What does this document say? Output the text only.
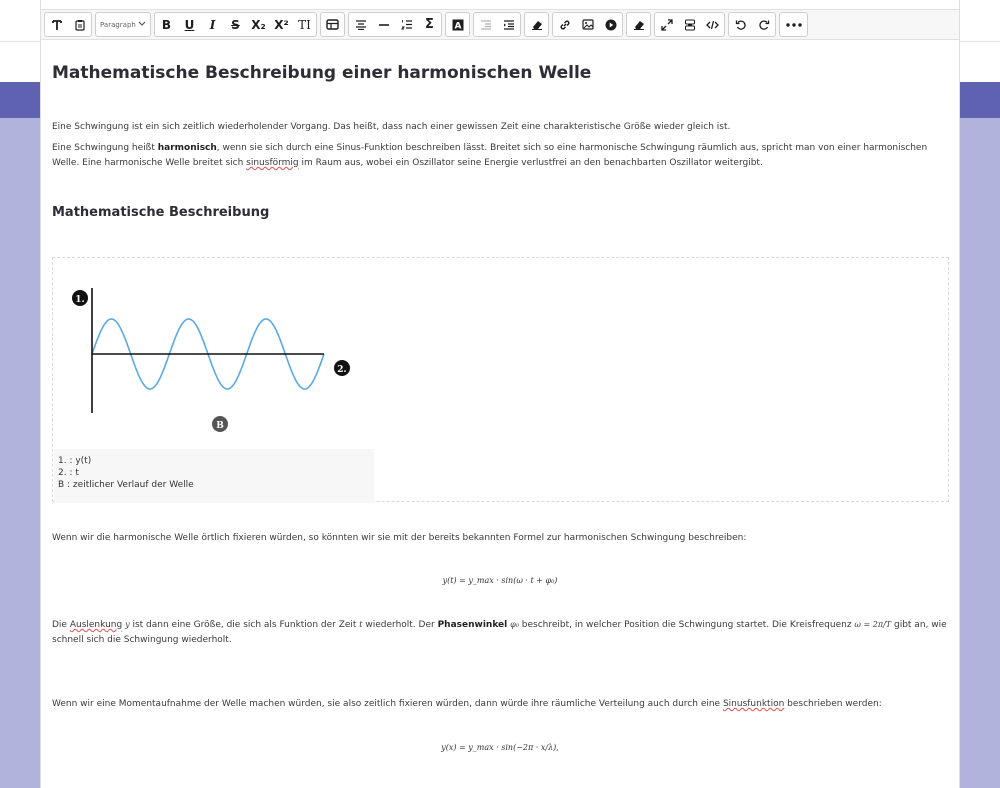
Paragraph	B	U	I	S X₂ X² TI	Σ	A
Mathematische Beschreibung einer harmonischen Welle

Eine Schwingung ist ein sich zeitlich wiederholender Vorgang. Das heißt, dass nach einer gewissen Zeit eine charakteristische Größe wieder gleich ist.

Eine Schwingung heißt harmonisch, wenn sie sich durch eine Sinus-Funktion beschreiben lässt. Breitet sich so eine harmonische Schwingung räumlich aus, spricht man von einer harmonischen Welle. Eine harmonische Welle breitet sich sinusförmig im Raum aus, wobei ein Oszillator seine Energie verlustfrei an den benachbarten Oszillator weitergibt.

Mathematische Beschreibung
1.
2.
B
1. : y(t)
2. : t
B : zeitlicher Verlauf der Welle

Wenn wir die harmonische Welle örtlich fixieren würden, so könnten wir sie mit der bereits bekannten Formel zur harmonischen Schwingung beschreiben:

y(t) = y_max · sin(ω · t + φ₀)

Die Auslenkung y ist dann eine Größe, die sich als Funktion der Zeit t wiederholt. Der Phasenwinkel φ₀ beschreibt, in welcher Position die Schwingung startet. Die Kreisfrequenz ω = 2π/T gibt an, wie schnell sich die Schwingung wiederholt.

Wenn wir eine Momentaufnahme der Welle machen würden, sie also zeitlich fixieren würden, dann würde ihre räumliche Verteilung auch durch eine Sinusfunktion beschrieben werden:

y(x) = y_max · sin(−2π · x/λ),
